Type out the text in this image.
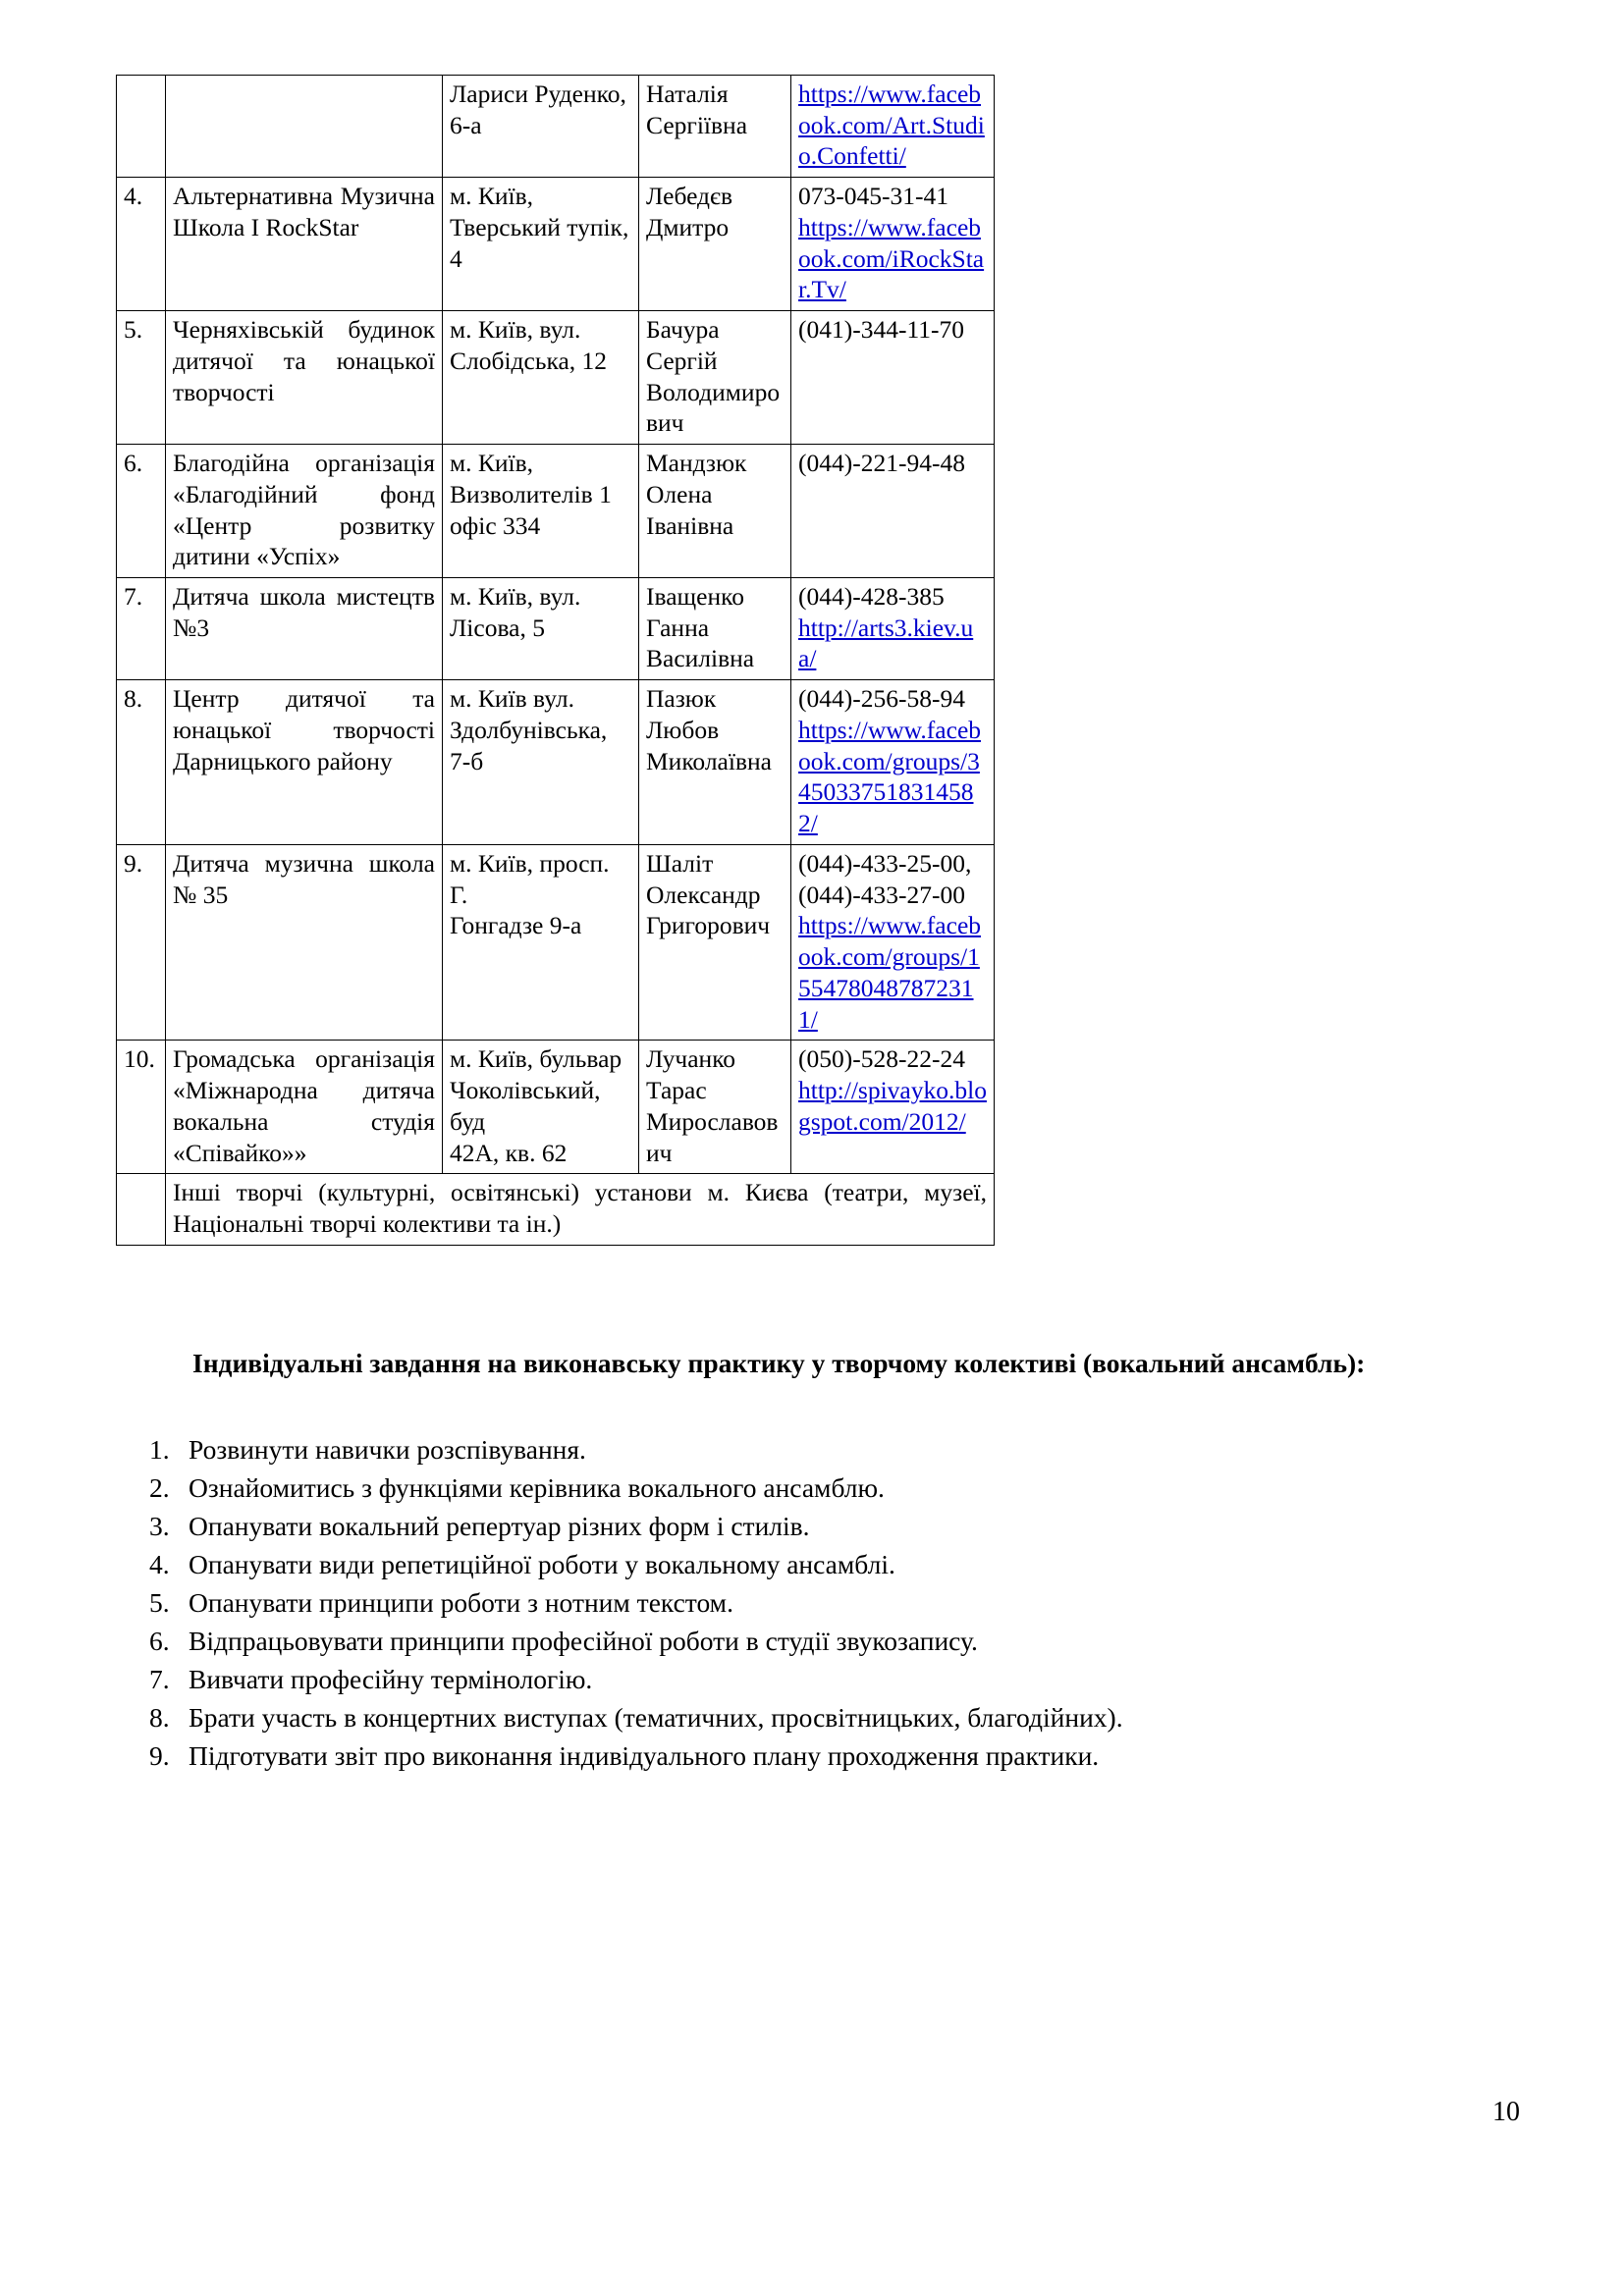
		Лариси Руденко,
6-а	Наталія
Сергіївна	https://www.facebook.com/Art.Studio.Confetti/
4.	Альтернативна Музична Школа І RockStar	м. Київ,
Тверський тупік,
4	Лебедєв
Дмитро	073-045-31-41
https://www.facebook.com/iRockStar.Tv/
5.	Черняхівській будинок дитячої та юнацької творчості	м. Київ, вул.
Слобідська, 12	Бачура Сергій
Володимирович	(041)-344-11-70

6.	Благодійна організація «Благодійний фонд «Центр розвитку дитини «Успіх»	м. Київ,
Визволителів 1
офіс 334	Мандзюк
Олена
Іванівна	(044)-221-94-48

7.	Дитяча школа мистецтв №3	м. Київ, вул.
Лісова, 5	Іващенко
Ганна
Василівна	(044)-428-385
http://arts3.kiev.ua/
8.	Центр дитячої та юнацької творчості Дарницького району	м. Київ вул.
Здолбунівська, 7-б	Пазюк Любов
Миколаївна	(044)-256-58-94
https://www.facebook.com/groups/3450337518314582/
9.	Дитяча музична школа № 35	м. Київ, просп. Г.
Гонгадзе 9-а	Шаліт
Олександр
Григорович	(044)-433-25-00,
(044)-433-27-00
https://www.facebook.com/groups/1554780487872311/
10.	Громадська організація «Міжнародна дитяча вокальна студія «Співайко»»	м. Київ, бульвар
Чоколівський, буд
42А, кв. 62	Лучанко
Тарас
Мирославович	(050)-528-22-24
http://spivayko.blogspot.com/2012/
	Інші творчі (культурні, освітянські) установи м. Києва (театри, музеї, Національні творчі колективи та ін.)			
Індивідуальні завдання на виконавську практику у творчому колективі (вокальний ансамбль):
1. Розвинути навички розспівування.
2. Ознайомитись з функціями керівника вокального ансамблю.
3. Опанувати вокальний репертуар різних форм і стилів.
4. Опанувати види репетиційної роботи у вокальному ансамблі.
5. Опанувати принципи роботи з нотним текстом.
6. Відпрацьовувати принципи професійної роботи в студії звукозапису.
7. Вивчати професійну термінологію.
8. Брати участь в концертних виступах (тематичних, просвітницьких, благодійних).
9. Підготувати звіт про виконання індивідуального плану проходження практики.
10
